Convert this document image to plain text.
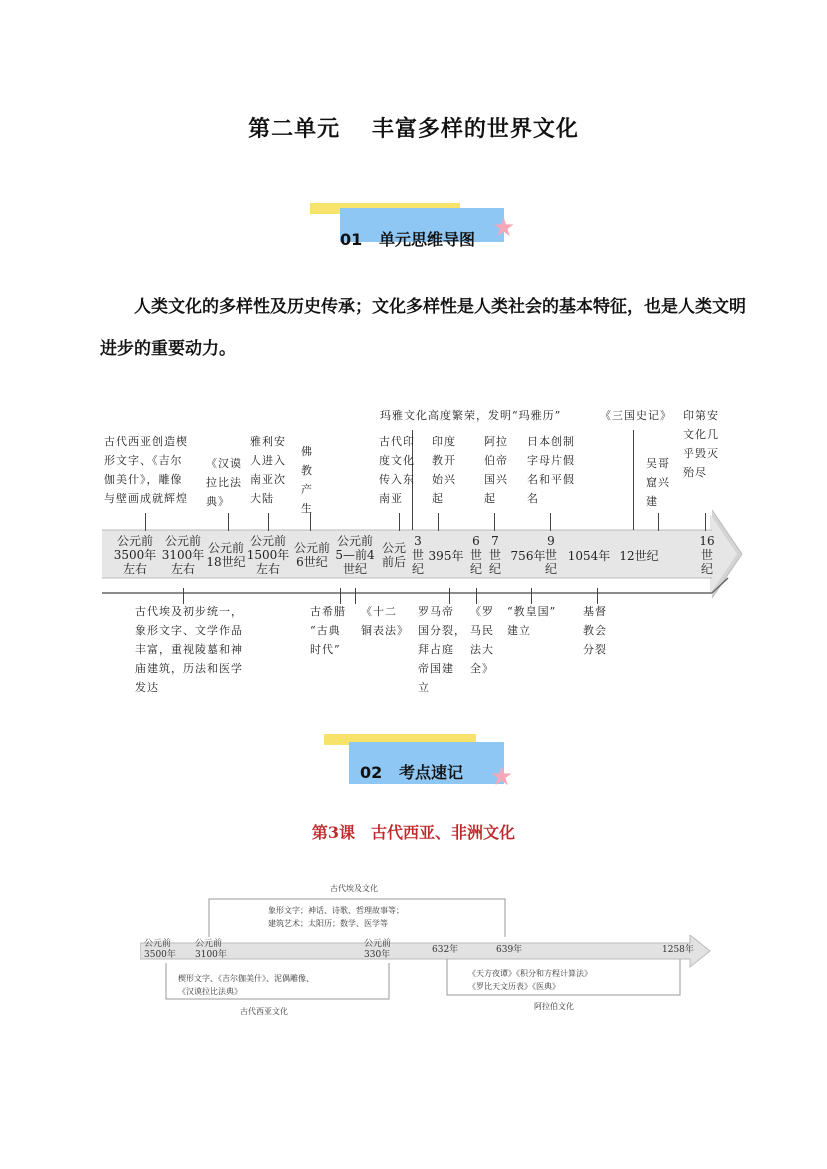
第二单元　 丰富多样的世界文化
01 单元思维导图 ★
人类文化的多样性及历史传承；文化多样性是人类社会的基本特征，也是人类文明进步的重要动力。
公元前
3500年
左右
公元前
3100年
左右
公元前
18世纪
公元前
1500年
左右
公元前
6世纪
公元前
5—前4
世纪
公元
前后
3
世
纪
395年
6
世
纪
7
世
纪
756年
9
世
纪
1054年 12世纪
16
世
纪
古代西亚创造楔
形文字、《吉尔
伽美什》，雕像
与壁画成就辉煌
《汉谟
拉比法
典》
雅利安
人进入
南亚次
大陆
佛
教
产
生
玛雅文化高度繁荣，发明“玛雅历”
古代印
度文化
传入东
南亚
印度
教开
始兴
起
阿拉
伯帝
国兴
起
日本创制
字母片假
名和平假
名
《三国史记》
吴哥
窟兴
建
印第安
文化几
乎毁灭
殆尽
古代埃及初步统一，
象形文字、文学作品
丰富，重视陵墓和神
庙建筑，历法和医学
发达
古希腊
“古典
时代”
《十二
铜表法》
罗马帝
国分裂，
拜占庭
帝国建
立
《罗
马民
法大
全》
“教皇国”
建立
基督
教会
分裂
02 考点速记 ★
第3课　古代西亚、非洲文化
古代埃及文化
象形文字；神话、诗歌、哲理故事等；
建筑艺术；太阳历；数学、医学等
公元前
3500年
公元前
3100年
公元前
330年	632年	639年	1258年
楔形文字、《吉尔伽美什》、泥偶雕像、
《汉谟拉比法典》
古代西亚文化
《天方夜谭》《积分和方程计算法》
《罗比天文历表》《医典》
阿拉伯文化
